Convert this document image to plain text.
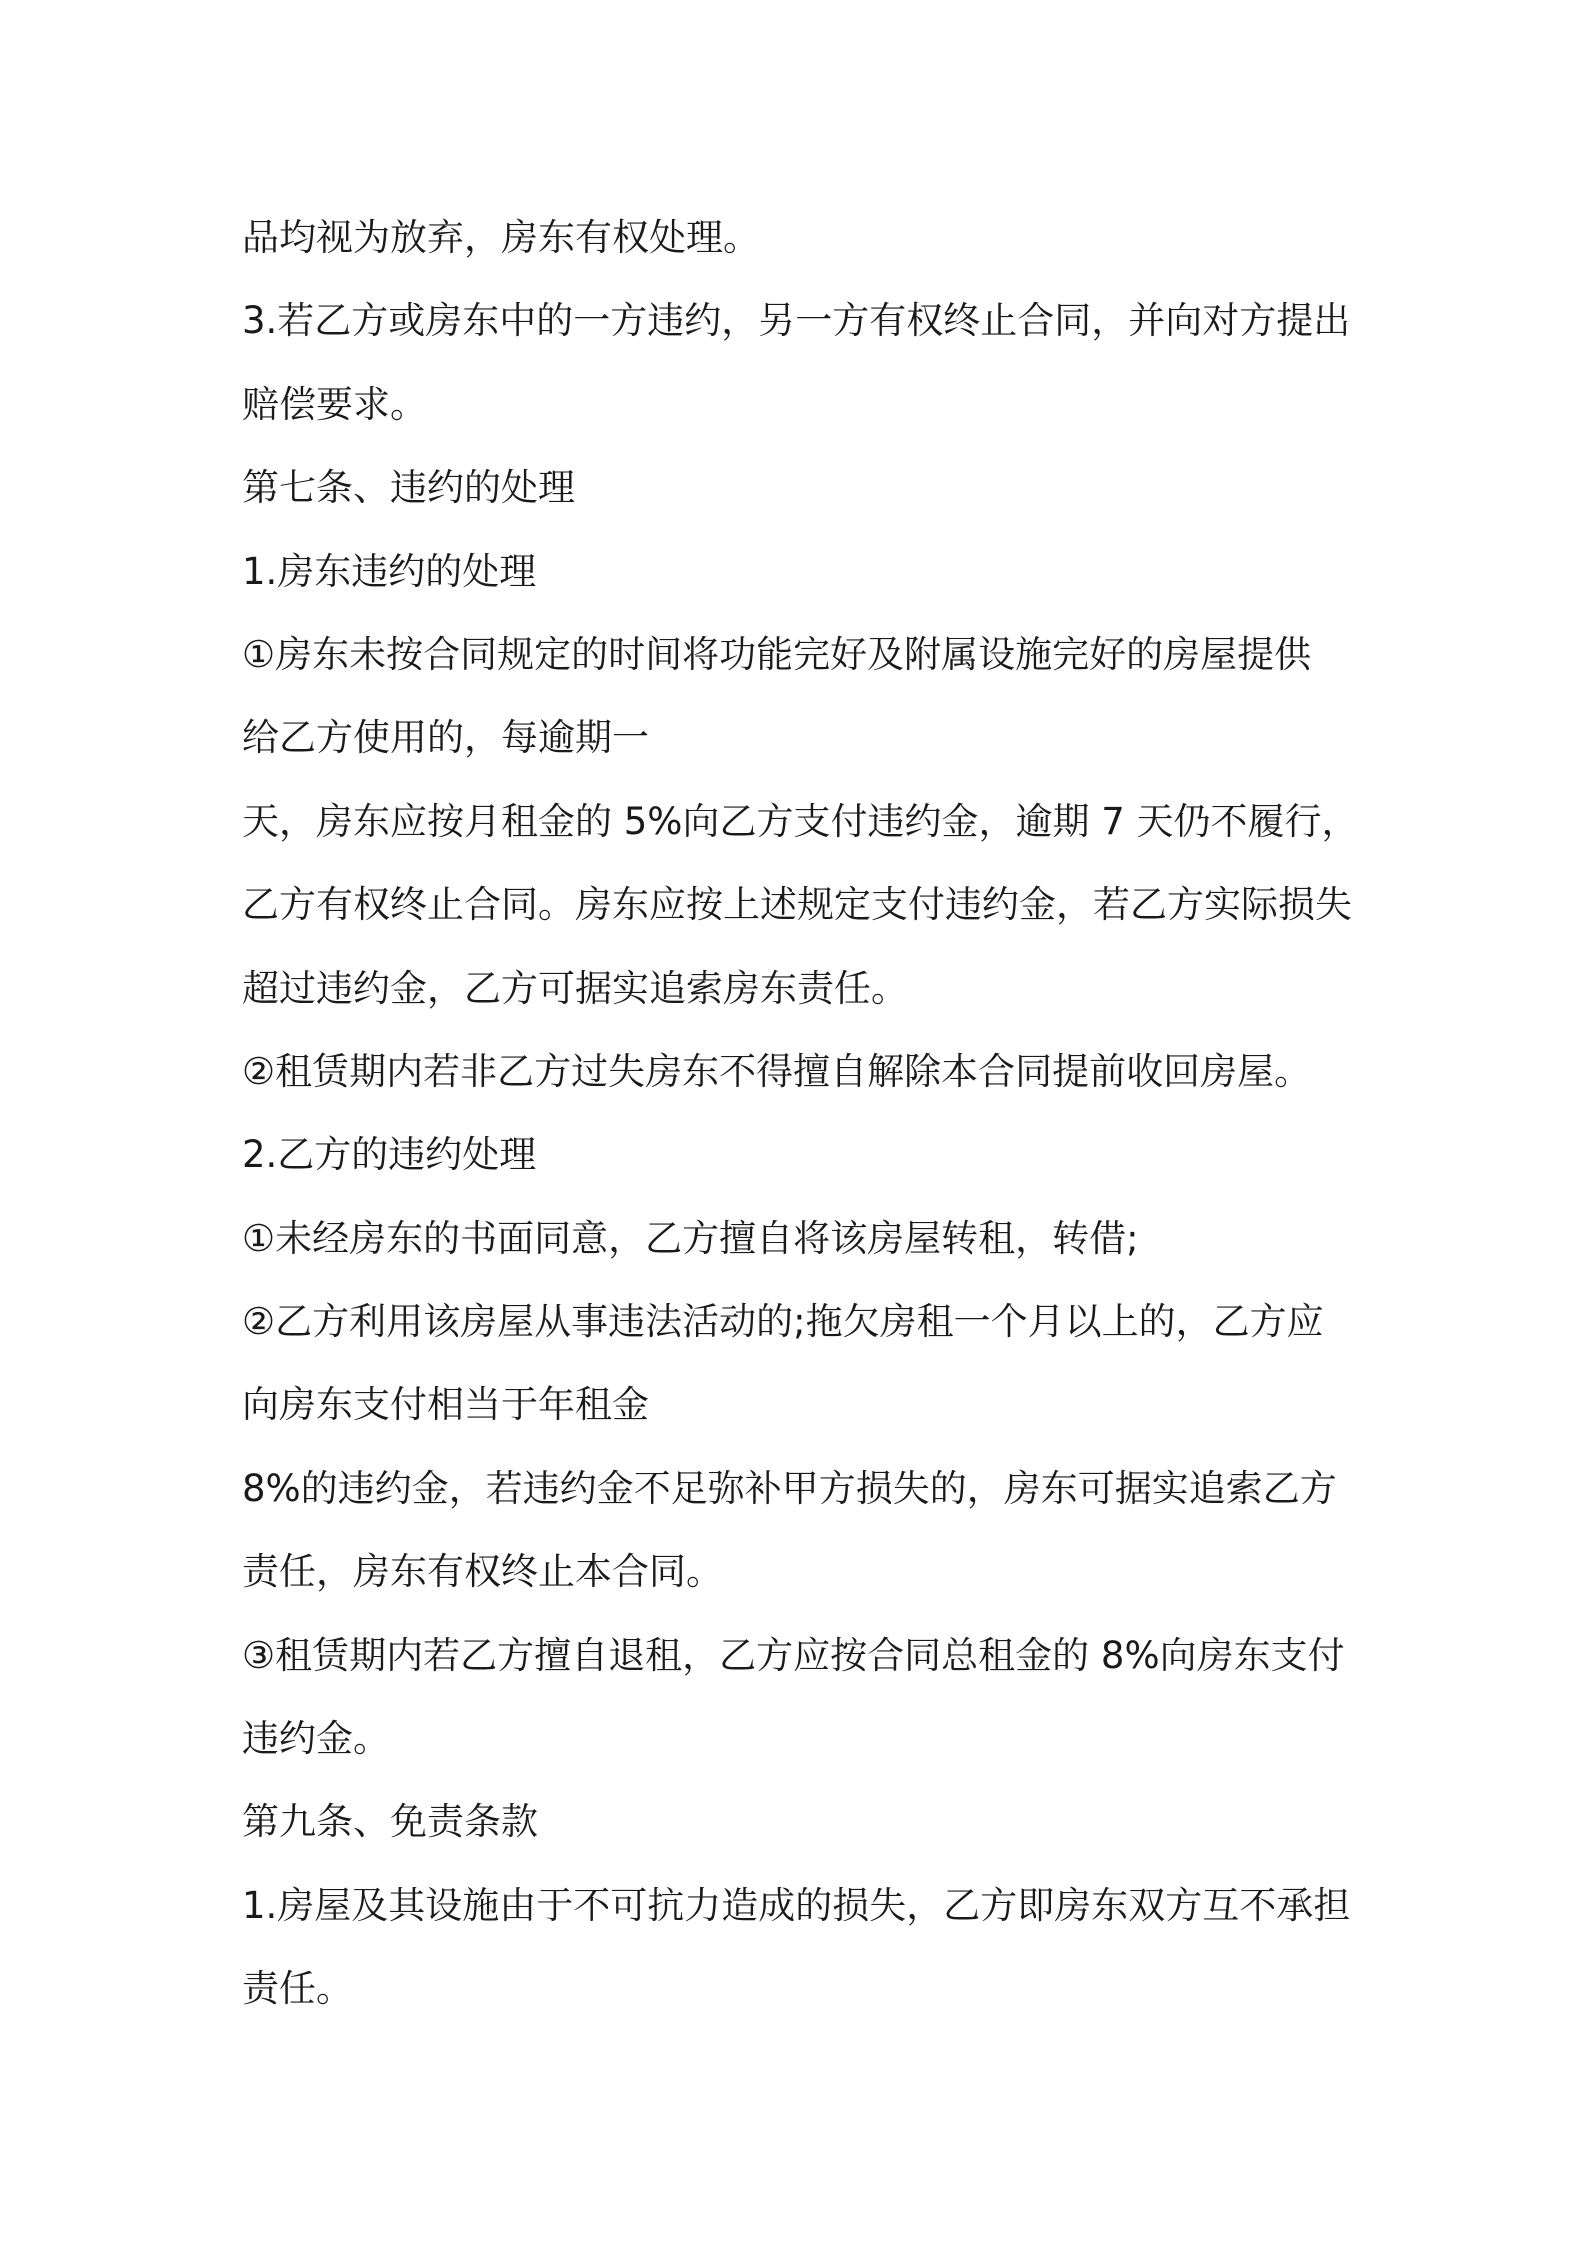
品均视为放弃，房东有权处理。
3.若乙方或房东中的一方违约，另一方有权终止合同，并向对方提出
赔偿要求。
第七条、违约的处理
1.房东违约的处理
①房东未按合同规定的时间将功能完好及附属设施完好的房屋提供
给乙方使用的，每逾期一
天，房东应按月租金的 5%向乙方支付违约金，逾期 7 天仍不履行，
乙方有权终止合同。房东应按上述规定支付违约金，若乙方实际损失
超过违约金，乙方可据实追索房东责任。
②租赁期内若非乙方过失房东不得擅自解除本合同提前收回房屋。
2.乙方的违约处理
①未经房东的书面同意，乙方擅自将该房屋转租，转借;
②乙方利用该房屋从事违法活动的;拖欠房租一个月以上的，乙方应
向房东支付相当于年租金
8%的违约金，若违约金不足弥补甲方损失的，房东可据实追索乙方
责任，房东有权终止本合同。
③租赁期内若乙方擅自退租，乙方应按合同总租金的 8%向房东支付
违约金。
第九条、免责条款
1.房屋及其设施由于不可抗力造成的损失，乙方即房东双方互不承担
责任。
